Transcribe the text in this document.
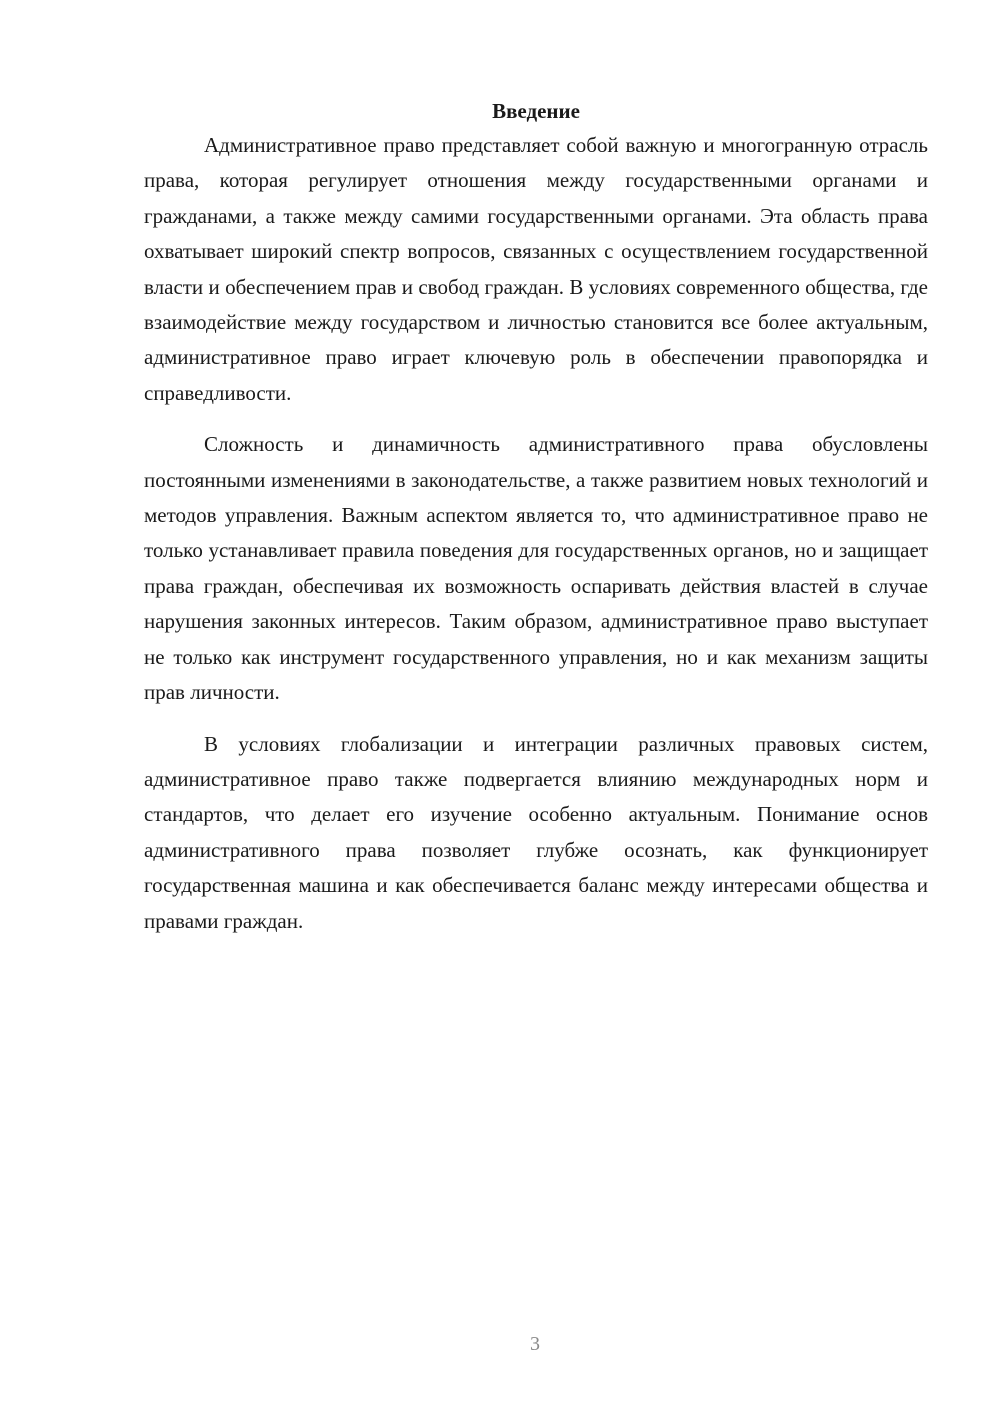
Введение

Административное право представляет собой важную и многогранную отрасль права, которая регулирует отношения между государственными органами и гражданами, а также между самими государственными органами. Эта область права охватывает широкий спектр вопросов, связанных с осуществлением государственной власти и обеспечением прав и свобод граждан. В условиях современного общества, где взаимодействие между государством и личностью становится все более актуальным, административное право играет ключевую роль в обеспечении правопорядка и справедливости.

Сложность и динамичность административного права обусловлены постоянными изменениями в законодательстве, а также развитием новых технологий и методов управления. Важным аспектом является то, что административное право не только устанавливает правила поведения для государственных органов, но и защищает права граждан, обеспечивая их возможность оспаривать действия властей в случае нарушения законных интересов. Таким образом, административное право выступает не только как инструмент государственного управления, но и как механизм защиты прав личности.

В условиях глобализации и интеграции различных правовых систем, административное право также подвергается влиянию международных норм и стандартов, что делает его изучение особенно актуальным. Понимание основ административного права позволяет глубже осознать, как функционирует государственная машина и как обеспечивается баланс между интересами общества и правами граждан.

3
